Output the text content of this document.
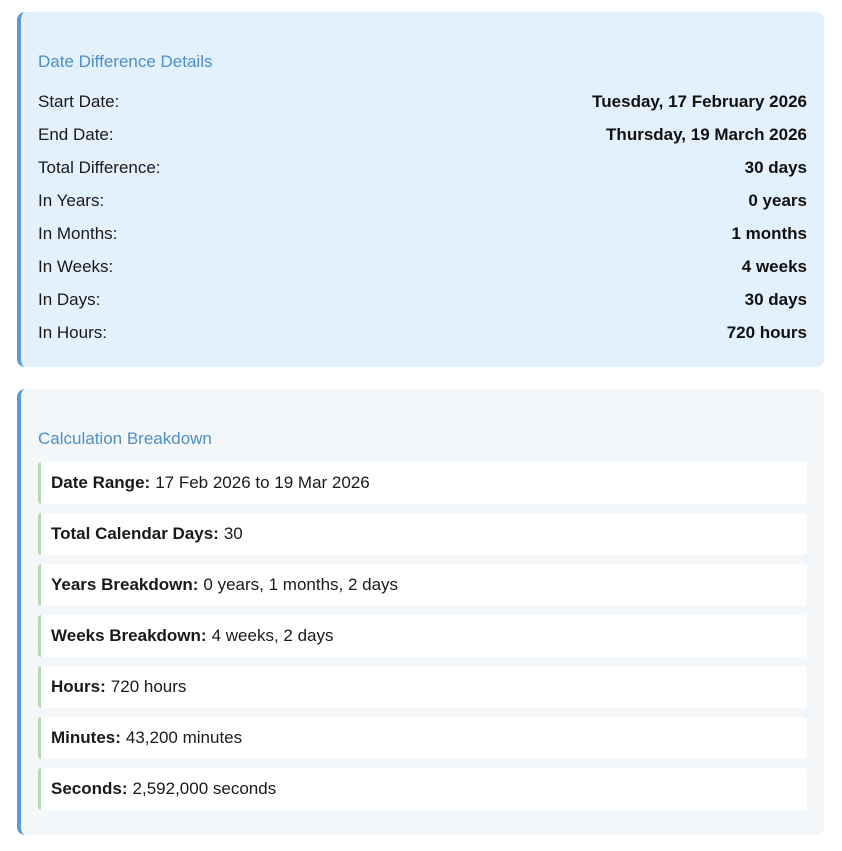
Date Difference Details
Start Date:	Tuesday, 17 February 2026
End Date:	Thursday, 19 March 2026
Total Difference:	30 days
In Years:	0 years
In Months:	1 months
In Weeks:	4 weeks
In Days:	30 days
In Hours:	720 hours
Calculation Breakdown
Date Range: 17 Feb 2026 to 19 Mar 2026
Total Calendar Days: 30
Years Breakdown: 0 years, 1 months, 2 days
Weeks Breakdown: 4 weeks, 2 days
Hours: 720 hours
Minutes: 43,200 minutes
Seconds: 2,592,000 seconds
